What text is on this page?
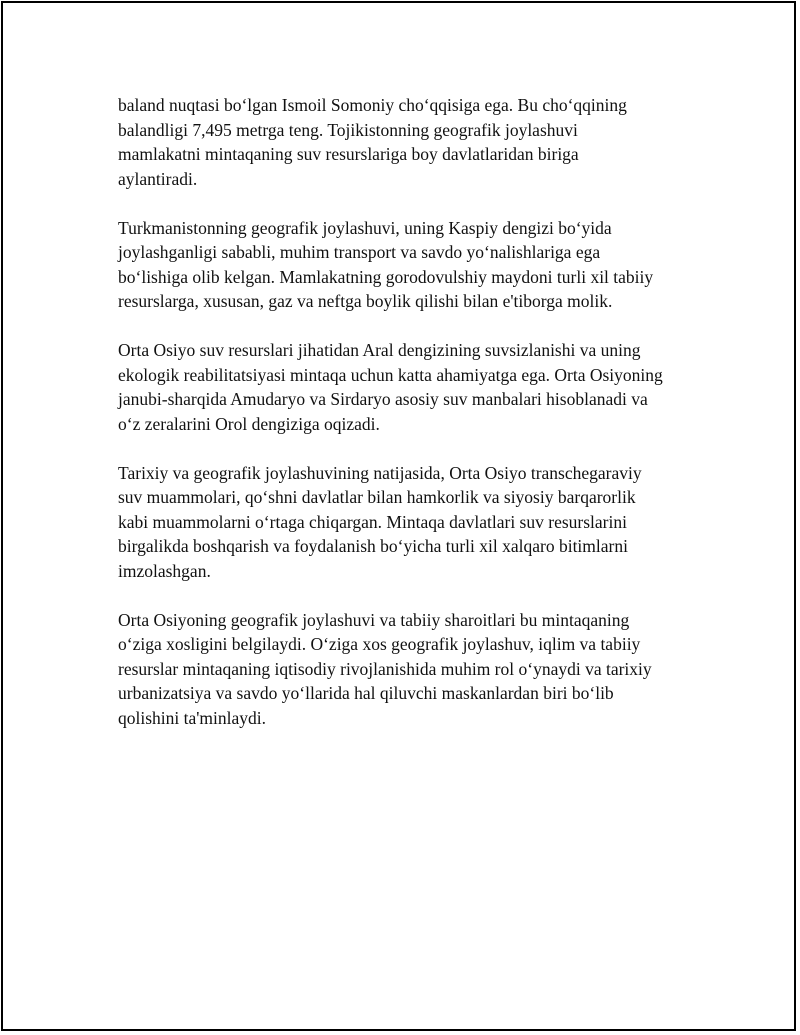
baland nuqtasi bo‘lgan Ismoil Somoniy cho‘qqisiga ega. Bu cho‘qqining
balandligi 7,495 metrga teng. Tojikistonning geografik joylashuvi
mamlakatni mintaqaning suv resurslariga boy davlatlaridan biriga
aylantiradi.

Turkmanistonning geografik joylashuvi, uning Kaspiy dengizi bo‘yida
joylashganligi sababli, muhim transport va savdo yo‘nalishlariga ega
bo‘lishiga olib kelgan. Mamlakatning gorodovulshiy maydoni turli xil tabiiy
resurslarga, xususan, gaz va neftga boylik qilishi bilan e'tiborga molik.

Orta Osiyo suv resurslari jihatidan Aral dengizining suvsizlanishi va uning
ekologik reabilitatsiyasi mintaqa uchun katta ahamiyatga ega. Orta Osiyoning
janubi-sharqida Amudaryo va Sirdaryo asosiy suv manbalari hisoblanadi va
o‘z zeralarini Orol dengiziga oqizadi.

Tarixiy va geografik joylashuvining natijasida, Orta Osiyo transchegaraviy
suv muammolari, qo‘shni davlatlar bilan hamkorlik va siyosiy barqarorlik
kabi muammolarni o‘rtaga chiqargan. Mintaqa davlatlari suv resurslarini
birgalikda boshqarish va foydalanish bo‘yicha turli xil xalqaro bitimlarni
imzolashgan.

Orta Osiyoning geografik joylashuvi va tabiiy sharoitlari bu mintaqaning
o‘ziga xosligini belgilaydi. O‘ziga xos geografik joylashuv, iqlim va tabiiy
resurslar mintaqaning iqtisodiy rivojlanishida muhim rol o‘ynaydi va tarixiy
urbanizatsiya va savdo yo‘llarida hal qiluvchi maskanlardan biri bo‘lib
qolishini ta'minlaydi.
